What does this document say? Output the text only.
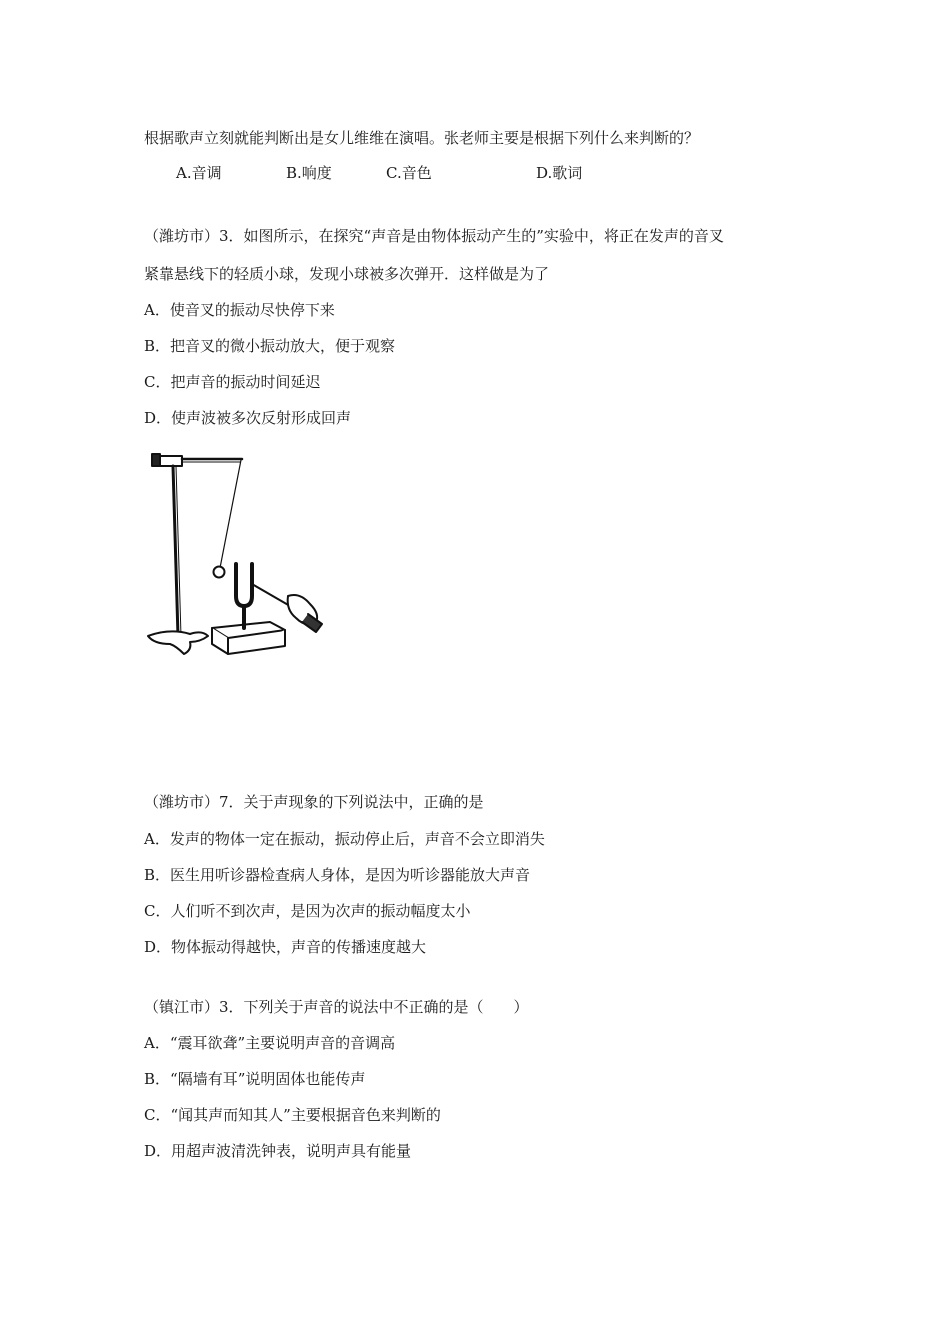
根据歌声立刻就能判断出是女儿维维在演唱。张老师主要是根据下列什么来判断的？
A.音调	B.响度	C.音色	D.歌词
（潍坊市）3．如图所示，在探究“声音是由物体振动产生的”实验中，将正在发声的音叉
紧靠悬线下的轻质小球，发现小球被多次弹开．这样做是为了
A．使音叉的振动尽快停下来
B．把音叉的微小振动放大，便于观察
C．把声音的振动时间延迟
D．使声波被多次反射形成回声
（潍坊市）7．关于声现象的下列说法中，正确的是
A．发声的物体一定在振动，振动停止后，声音不会立即消失
B．医生用听诊器检查病人身体，是因为听诊器能放大声音
C．人们听不到次声，是因为次声的振动幅度太小
D．物体振动得越快，声音的传播速度越大
（镇江市）3．下列关于声音的说法中不正确的是（　　）
A．“震耳欲聋”主要说明声音的音调高
B．“隔墙有耳”说明固体也能传声
C．“闻其声而知其人”主要根据音色来判断的
D．用超声波清洗钟表，说明声具有能量
